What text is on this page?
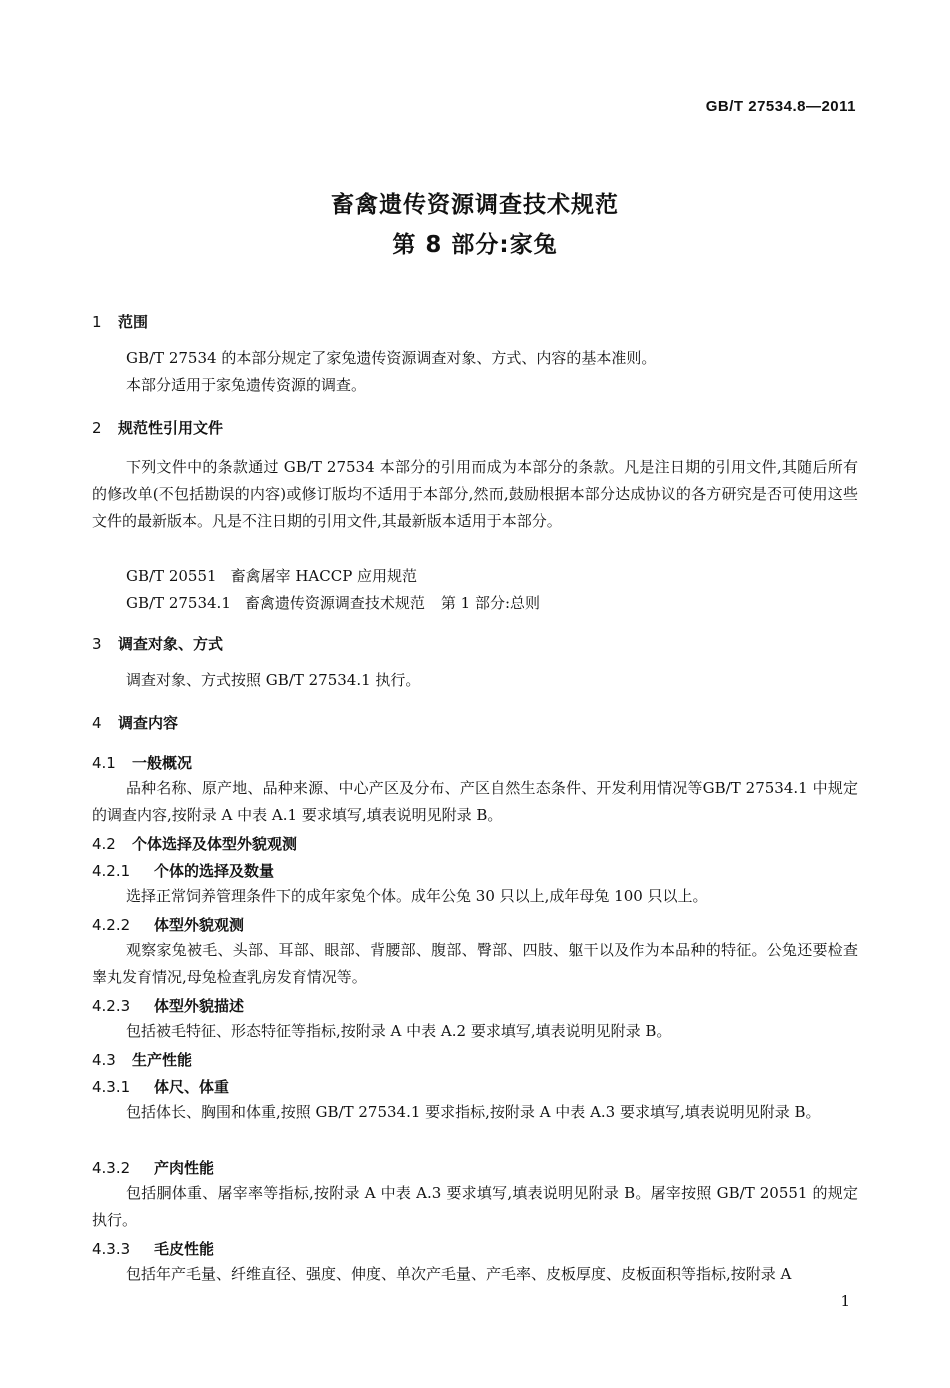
GB/T 27534.8—2011
畜禽遗传资源调查技术规范
第 8 部分:家兔
1 范围
GB/T 27534 的本部分规定了家兔遗传资源调查对象、方式、内容的基本准则。
本部分适用于家兔遗传资源的调查。
2 规范性引用文件
下列文件中的条款通过 GB/T 27534 本部分的引用而成为本部分的条款。凡是注日期的引用文件,其随后所有的修改单(不包括勘误的内容)或修订版均不适用于本部分,然而,鼓励根据本部分达成协议的各方研究是否可使用这些文件的最新版本。凡是不注日期的引用文件,其最新版本适用于本部分。
GB/T 20551 畜禽屠宰 HACCP 应用规范
GB/T 27534.1 畜禽遗传资源调查技术规范 第 1 部分:总则
3 调查对象、方式
调查对象、方式按照 GB/T 27534.1 执行。
4 调查内容
4.1 一般概况
品种名称、原产地、品种来源、中心产区及分布、产区自然生态条件、开发利用情况等GB/T 27534.1 中规定的调查内容,按附录 A 中表 A.1 要求填写,填表说明见附录 B。
4.2 个体选择及体型外貌观测
4.2.1 个体的选择及数量
选择正常饲养管理条件下的成年家兔个体。成年公兔 30 只以上,成年母兔 100 只以上。
4.2.2 体型外貌观测
观察家兔被毛、头部、耳部、眼部、背腰部、腹部、臀部、四肢、躯干以及作为本品种的特征。公兔还要检查睾丸发育情况,母兔检查乳房发育情况等。
4.2.3 体型外貌描述
包括被毛特征、形态特征等指标,按附录 A 中表 A.2 要求填写,填表说明见附录 B。
4.3 生产性能
4.3.1 体尺、体重
包括体长、胸围和体重,按照 GB/T 27534.1 要求指标,按附录 A 中表 A.3 要求填写,填表说明见附录 B。
4.3.2 产肉性能
包括胴体重、屠宰率等指标,按附录 A 中表 A.3 要求填写,填表说明见附录 B。屠宰按照 GB/T 20551 的规定执行。
4.3.3 毛皮性能
包括年产毛量、纤维直径、强度、伸度、单次产毛量、产毛率、皮板厚度、皮板面积等指标,按附录 A
1
